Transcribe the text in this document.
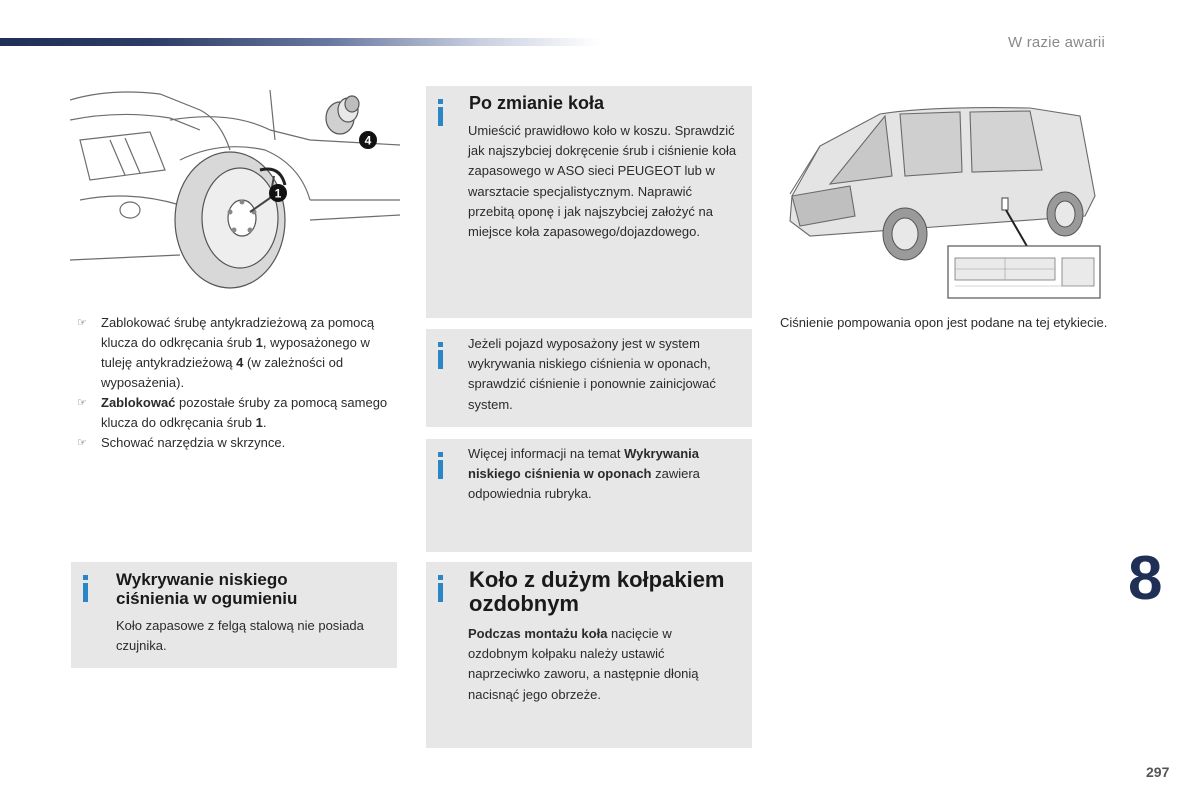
W razie awarii
1
4
☞ Zablokować śrubę antykradzieżową za pomocą klucza do odkręcania śrub 1, wyposażonego w tuleję antykradzieżową 4 (w zależności od wyposażenia).
☞ Zablokować pozostałe śruby za pomocą samego klucza do odkręcania śrub 1.
☞ Schować narzędzia w skrzynce.
Po zmianie koła
Umieścić prawidłowo koło w koszu. Sprawdzić jak najszybciej dokręcenie śrub i ciśnienie koła zapasowego w ASO sieci PEUGEOT lub w warsztacie specjalistycznym. Naprawić przebitą oponę i jak najszybciej założyć na miejsce koła zapasowego/dojazdowego.
Jeżeli pojazd wyposażony jest w system wykrywania niskiego ciśnienia w oponach, sprawdzić ciśnienie i ponownie zainicjować system.
Więcej informacji na temat Wykrywania niskiego ciśnienia w oponach zawiera odpowiednia rubryka.
Wykrywanie niskiego ciśnienia w ogumieniu
Koło zapasowe z felgą stalową nie posiada czujnika.
Koło z dużym kołpakiem ozdobnym
Podczas montażu koła nacięcie w ozdobnym kołpaku należy ustawić naprzeciwko zaworu, a następnie dłonią nacisnąć jego obrzeże.
Ciśnienie pompowania opon jest podane na tej etykiecie.
8
297
